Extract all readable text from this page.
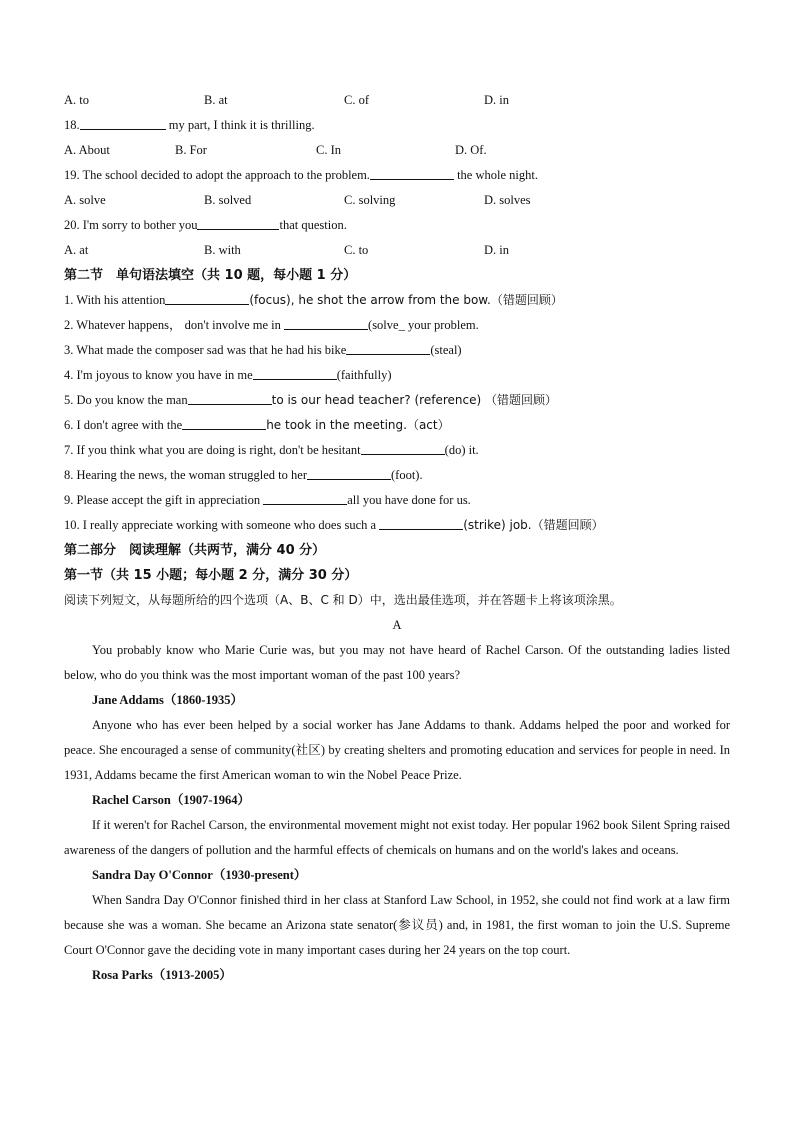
A. to	B. at	C. of	D. in
18.	my part, I think it is thrilling.
A. About	B. For	C. In	D. Of.
19. The school decided to adopt the approach to the problem.	the whole night.
A. solve	B. solved	C. solving	D. solves
20. I'm sorry to bother you	that question.
A. at	B. with	C. to	D. in
第二节　单句语法填空（共 10 题，每小题 1 分）
1. With his attention	(focus), he shot the arrow from the bow.（错题回顾）
2. Whatever happens， don't involve me in	(solve_ your problem.
3. What made the composer sad was that he had his bike	(steal)
4. I'm joyous to know you have in me	(faithfully)
5. Do you know the man	to is our head teacher? (reference) （错题回顾）
6. I don't agree with the	he took in the meeting.（act）
7. If you think what you are doing is right, don't be hesitant	(do) it.
8. Hearing the news, the woman struggled to her	(foot).
9. Please accept the gift in appreciation	all you have done for us.
10. I really appreciate working with someone who does such a	(strike) job.（错题回顾）
第二部分　阅读理解（共两节，满分 40 分）
第一节（共 15 小题；每小题 2 分，满分 30 分）
阅读下列短文，从每题所给的四个选项（A、B、C 和 D）中，选出最佳选项，并在答题卡上将该项涂黑。
A
You probably know who Marie Curie was, but you may not have heard of Rachel Carson. Of the outstanding ladies listed below, who do you think was the most important woman of the past 100 years?
Jane Addams（1860-1935）
Anyone who has ever been helped by a social worker has Jane Addams to thank. Addams helped the poor and worked for peace. She encouraged a sense of community(社区) by creating shelters and promoting education and services for people in need. In 1931, Addams became the first American woman to win the Nobel Peace Prize.
Rachel Carson（1907-1964）
If it weren't for Rachel Carson, the environmental movement might not exist today. Her popular 1962 book Silent Spring raised awareness of the dangers of pollution and the harmful effects of chemicals on humans and on the world's lakes and oceans.
Sandra Day O'Connor（1930-present）
When Sandra Day O'Connor finished third in her class at Stanford Law School, in 1952, she could not find work at a law firm because she was a woman. She became an Arizona state senator(参议员) and, in 1981, the first woman to join the U.S. Supreme Court O'Connor gave the deciding vote in many important cases during her 24 years on the top court.
Rosa Parks（1913-2005）
